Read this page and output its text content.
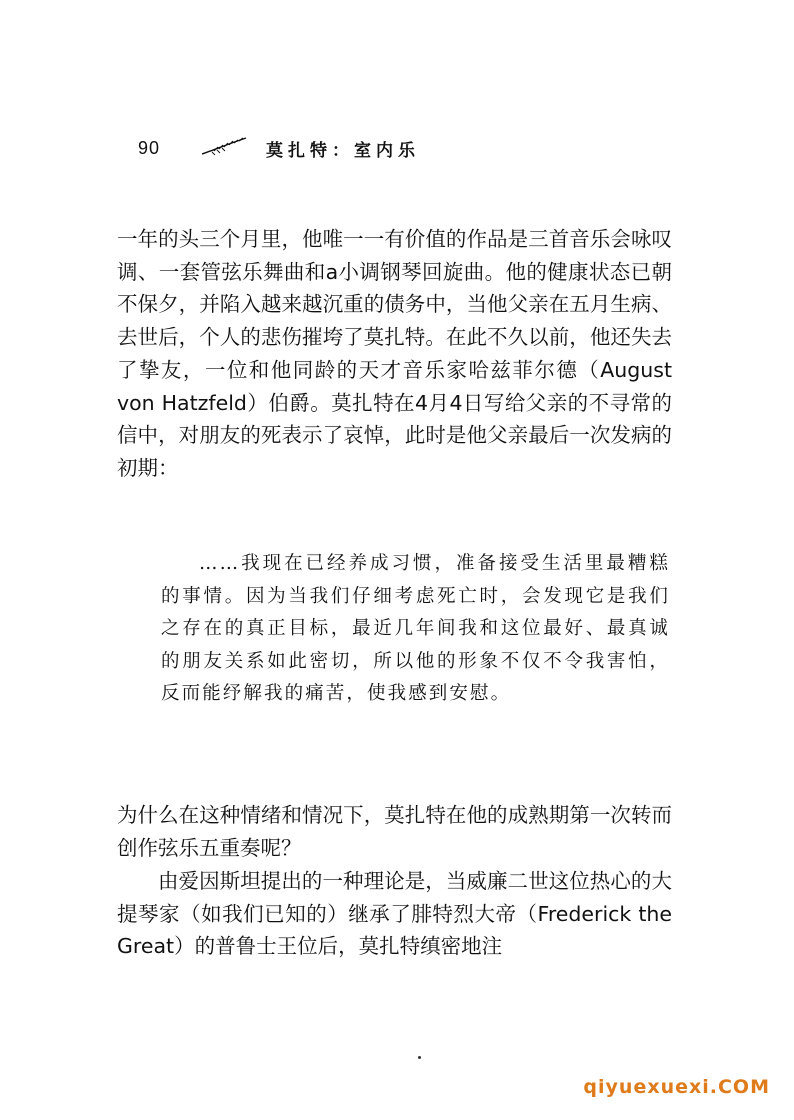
90	莫扎特：室内乐

一年的头三个月里，他唯一一有价值的作品是三首音乐会咏叹调、一套管弦乐舞曲和a小调钢琴回旋曲。他的健康状态已朝不保夕，并陷入越来越沉重的债务中，当他父亲在五月生病、去世后，个人的悲伤摧垮了莫扎特。在此不久以前，他还失去了挚友，一位和他同龄的天才音乐家哈兹菲尔德（August von Hatzfeld）伯爵。莫扎特在4月4日写给父亲的不寻常的信中，对朋友的死表示了哀悼，此时是他父亲最后一次发病的初期：

……我现在已经养成习惯，准备接受生活里最糟糕的事情。因为当我们仔细考虑死亡时，会发现它是我们之存在的真正目标，最近几年间我和这位最好、最真诚的朋友关系如此密切，所以他的形象不仅不令我害怕，反而能纾解我的痛苦，使我感到安慰。

为什么在这种情绪和情况下，莫扎特在他的成熟期第一次转而创作弦乐五重奏呢？

由爱因斯坦提出的一种理论是，当威廉二世这位热心的大提琴家（如我们已知的）继承了腓特烈大帝（Frederick the Great）的普鲁士王位后，莫扎特缜密地注

qiyuexuexi.COM
